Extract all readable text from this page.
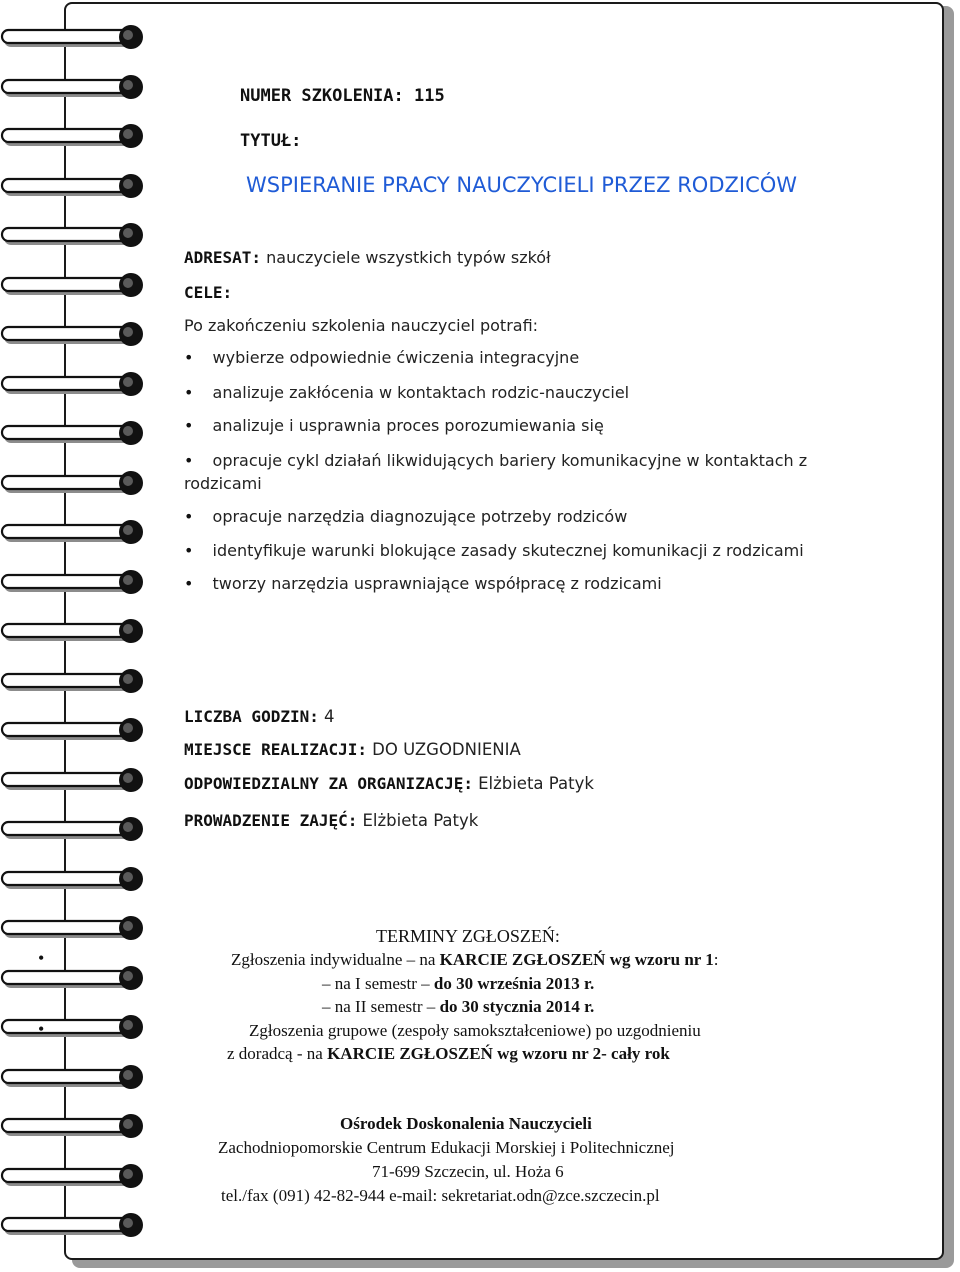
NUMER SZKOLENIA: 115
TYTUŁ:
WSPIERANIE PRACY NAUCZYCIELI PRZEZ RODZICÓW
ADRESAT: nauczyciele wszystkich typów szkół
CELE:
Po zakończeniu szkolenia nauczyciel potrafi:
• wybierze odpowiednie ćwiczenia integracyjne
• analizuje zakłócenia w kontaktach rodzic-nauczyciel
• analizuje i usprawnia proces porozumiewania się
• opracuje cykl działań likwidujących bariery komunikacyjne w kontaktach z
rodzicami
• opracuje narzędzia diagnozujące potrzeby rodziców
• identyfikuje warunki blokujące zasady skutecznej komunikacji z rodzicami
• tworzy narzędzia usprawniające współpracę z rodzicami
LICZBA GODZIN: 4
MIEJSCE REALIZACJI: DO UZGODNIENIA
ODPOWIEDZIALNY ZA ORGANIZACJĘ: Elżbieta Patyk
PROWADZENIE ZAJĘĆ: Elżbieta Patyk
TERMINY ZGŁOSZEŃ:
•	Zgłoszenia indywidualne – na KARCIE ZGŁOSZEŃ wg wzoru nr 1:
– na I semestr – do 30 września 2013 r.
– na II semestr – do 30 stycznia 2014 r.
•	Zgłoszenia grupowe (zespoły samokształceniowe) po uzgodnieniu
z doradcą - na KARCIE ZGŁOSZEŃ wg wzoru nr 2- cały rok
Ośrodek Doskonalenia Nauczycieli
Zachodniopomorskie Centrum Edukacji Morskiej i Politechnicznej
71-699 Szczecin, ul. Hoża 6
tel./fax (091) 42-82-944 e-mail: sekretariat.odn@zce.szczecin.pl
